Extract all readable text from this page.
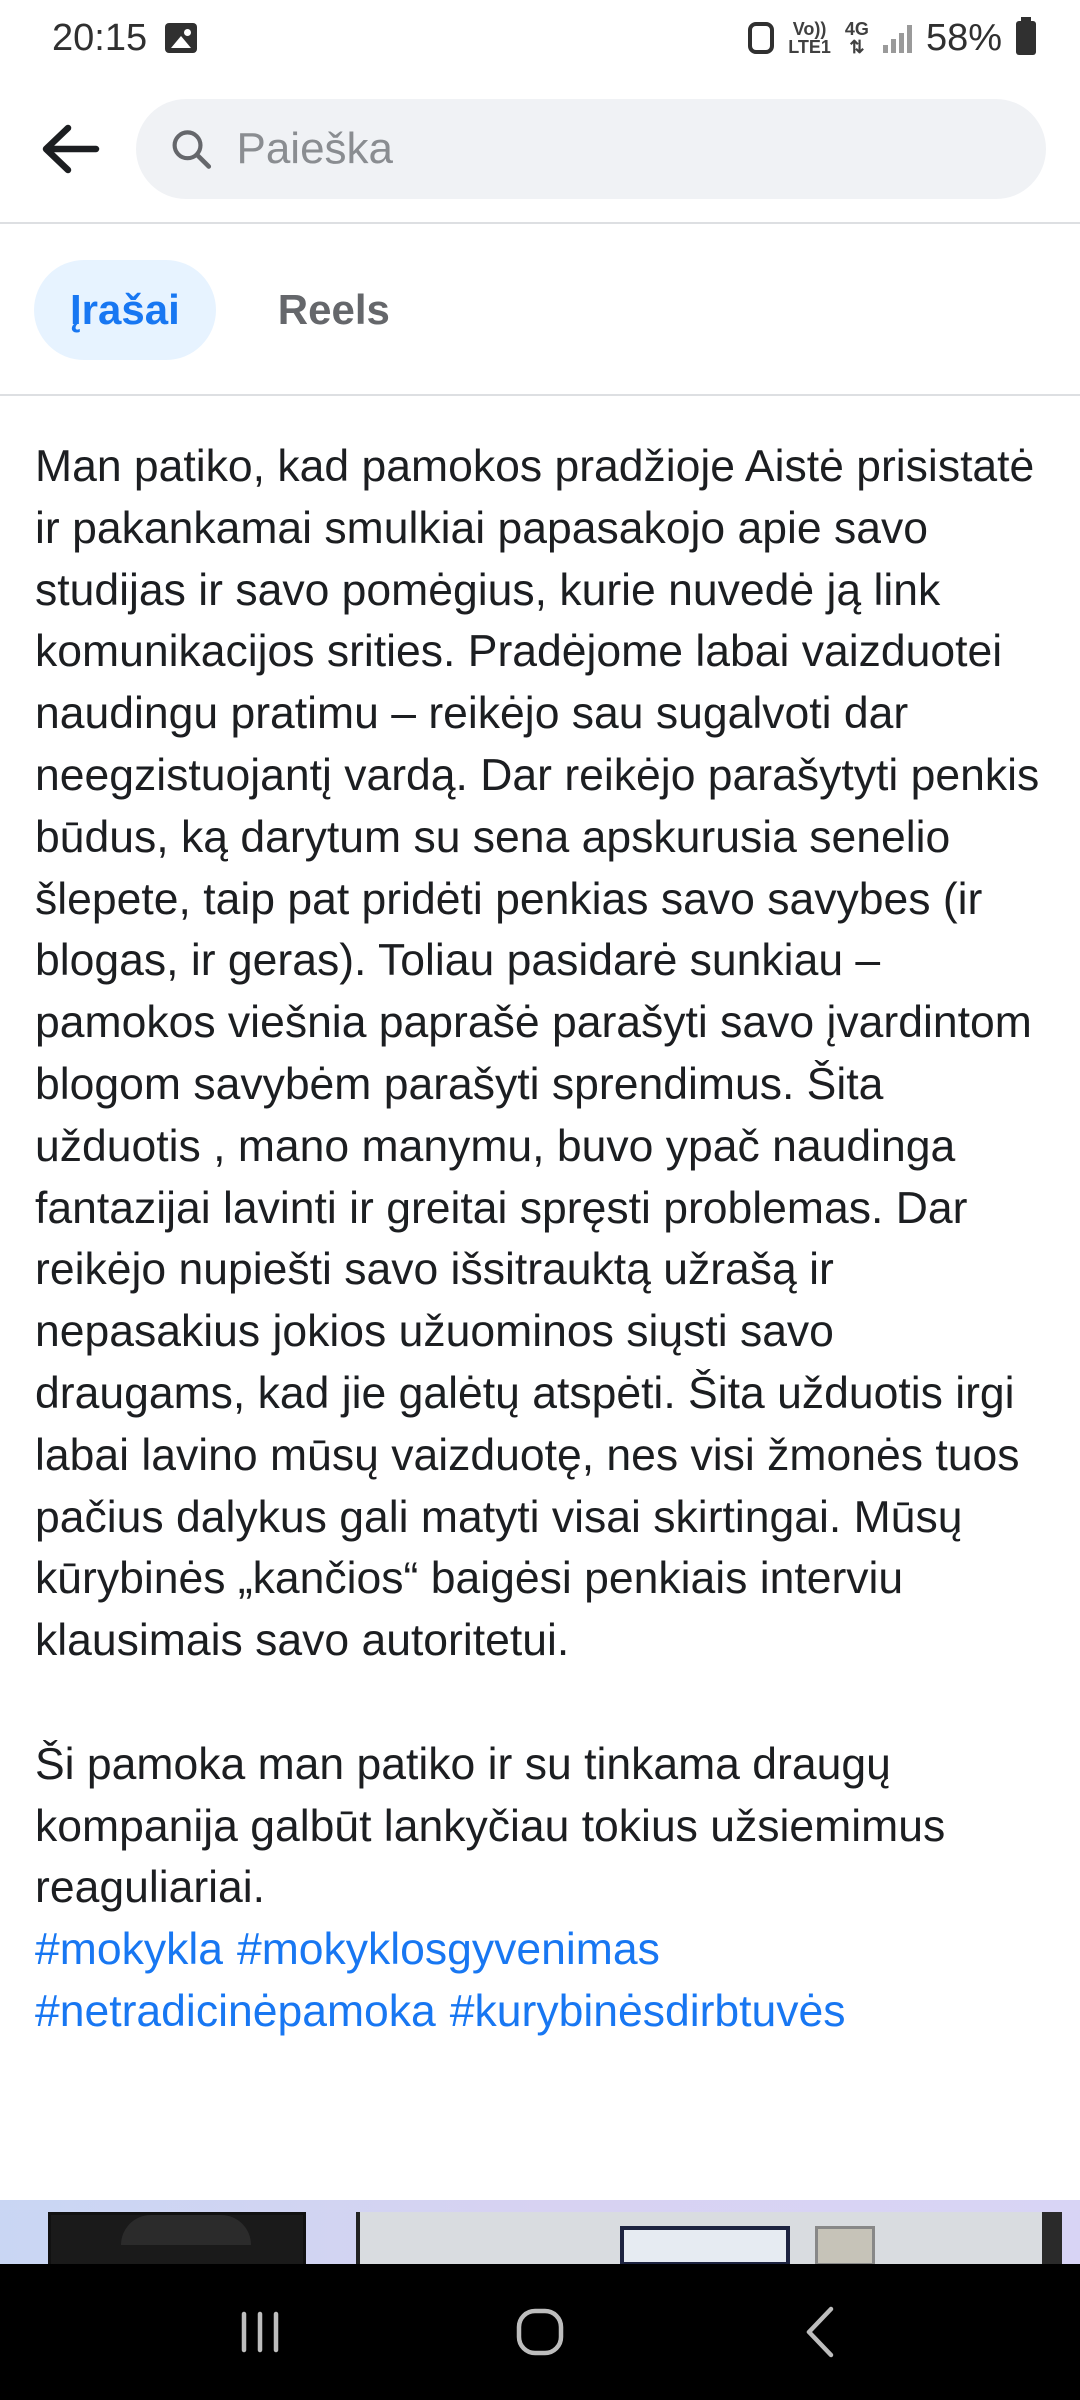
20:15	Vo))
LTE1
4G
⇅ 58%
Paieška
Įrašai	Reels

Man patiko, kad pamokos pradžioje Aistė prisistatė ir pakankamai smulkiai papasakojo apie savo studijas ir savo pomėgius, kurie nuvedė ją link komunikacijos srities. Pradėjome labai vaizduotei naudingu pratimu – reikėjo sau sugalvoti dar neegzistuojantį vardą. Dar reikėjo parašytyti penkis būdus, ką darytum su sena apskurusia senelio šlepete, taip pat pridėti penkias savo savybes (ir blogas, ir geras). Toliau pasidarė sunkiau – pamokos viešnia paprašė parašyti savo įvardintom blogom savybėm parašyti sprendimus. Šita užduotis , mano manymu, buvo ypač naudinga fantazijai lavinti ir greitai spręsti problemas. Dar reikėjo nupiešti savo išsitrauktą užrašą ir nepasakius jokios užuominos siųsti savo draugams, kad jie galėtų atspėti. Šita užduotis irgi labai lavino mūsų vaizduotę, nes visi žmonės tuos pačius dalykus gali matyti visai skirtingai. Mūsų kūrybinės „kančios“ baigėsi penkiais interviu klausimais savo autoritetui.

Ši pamoka man patiko ir su tinkama draugų kompanija galbūt lankyčiau tokius užsiemimus reaguliariai.

#mokykla #mokyklosgyvenimas
#netradicinėpamoka #kurybinėsdirbtuvės
